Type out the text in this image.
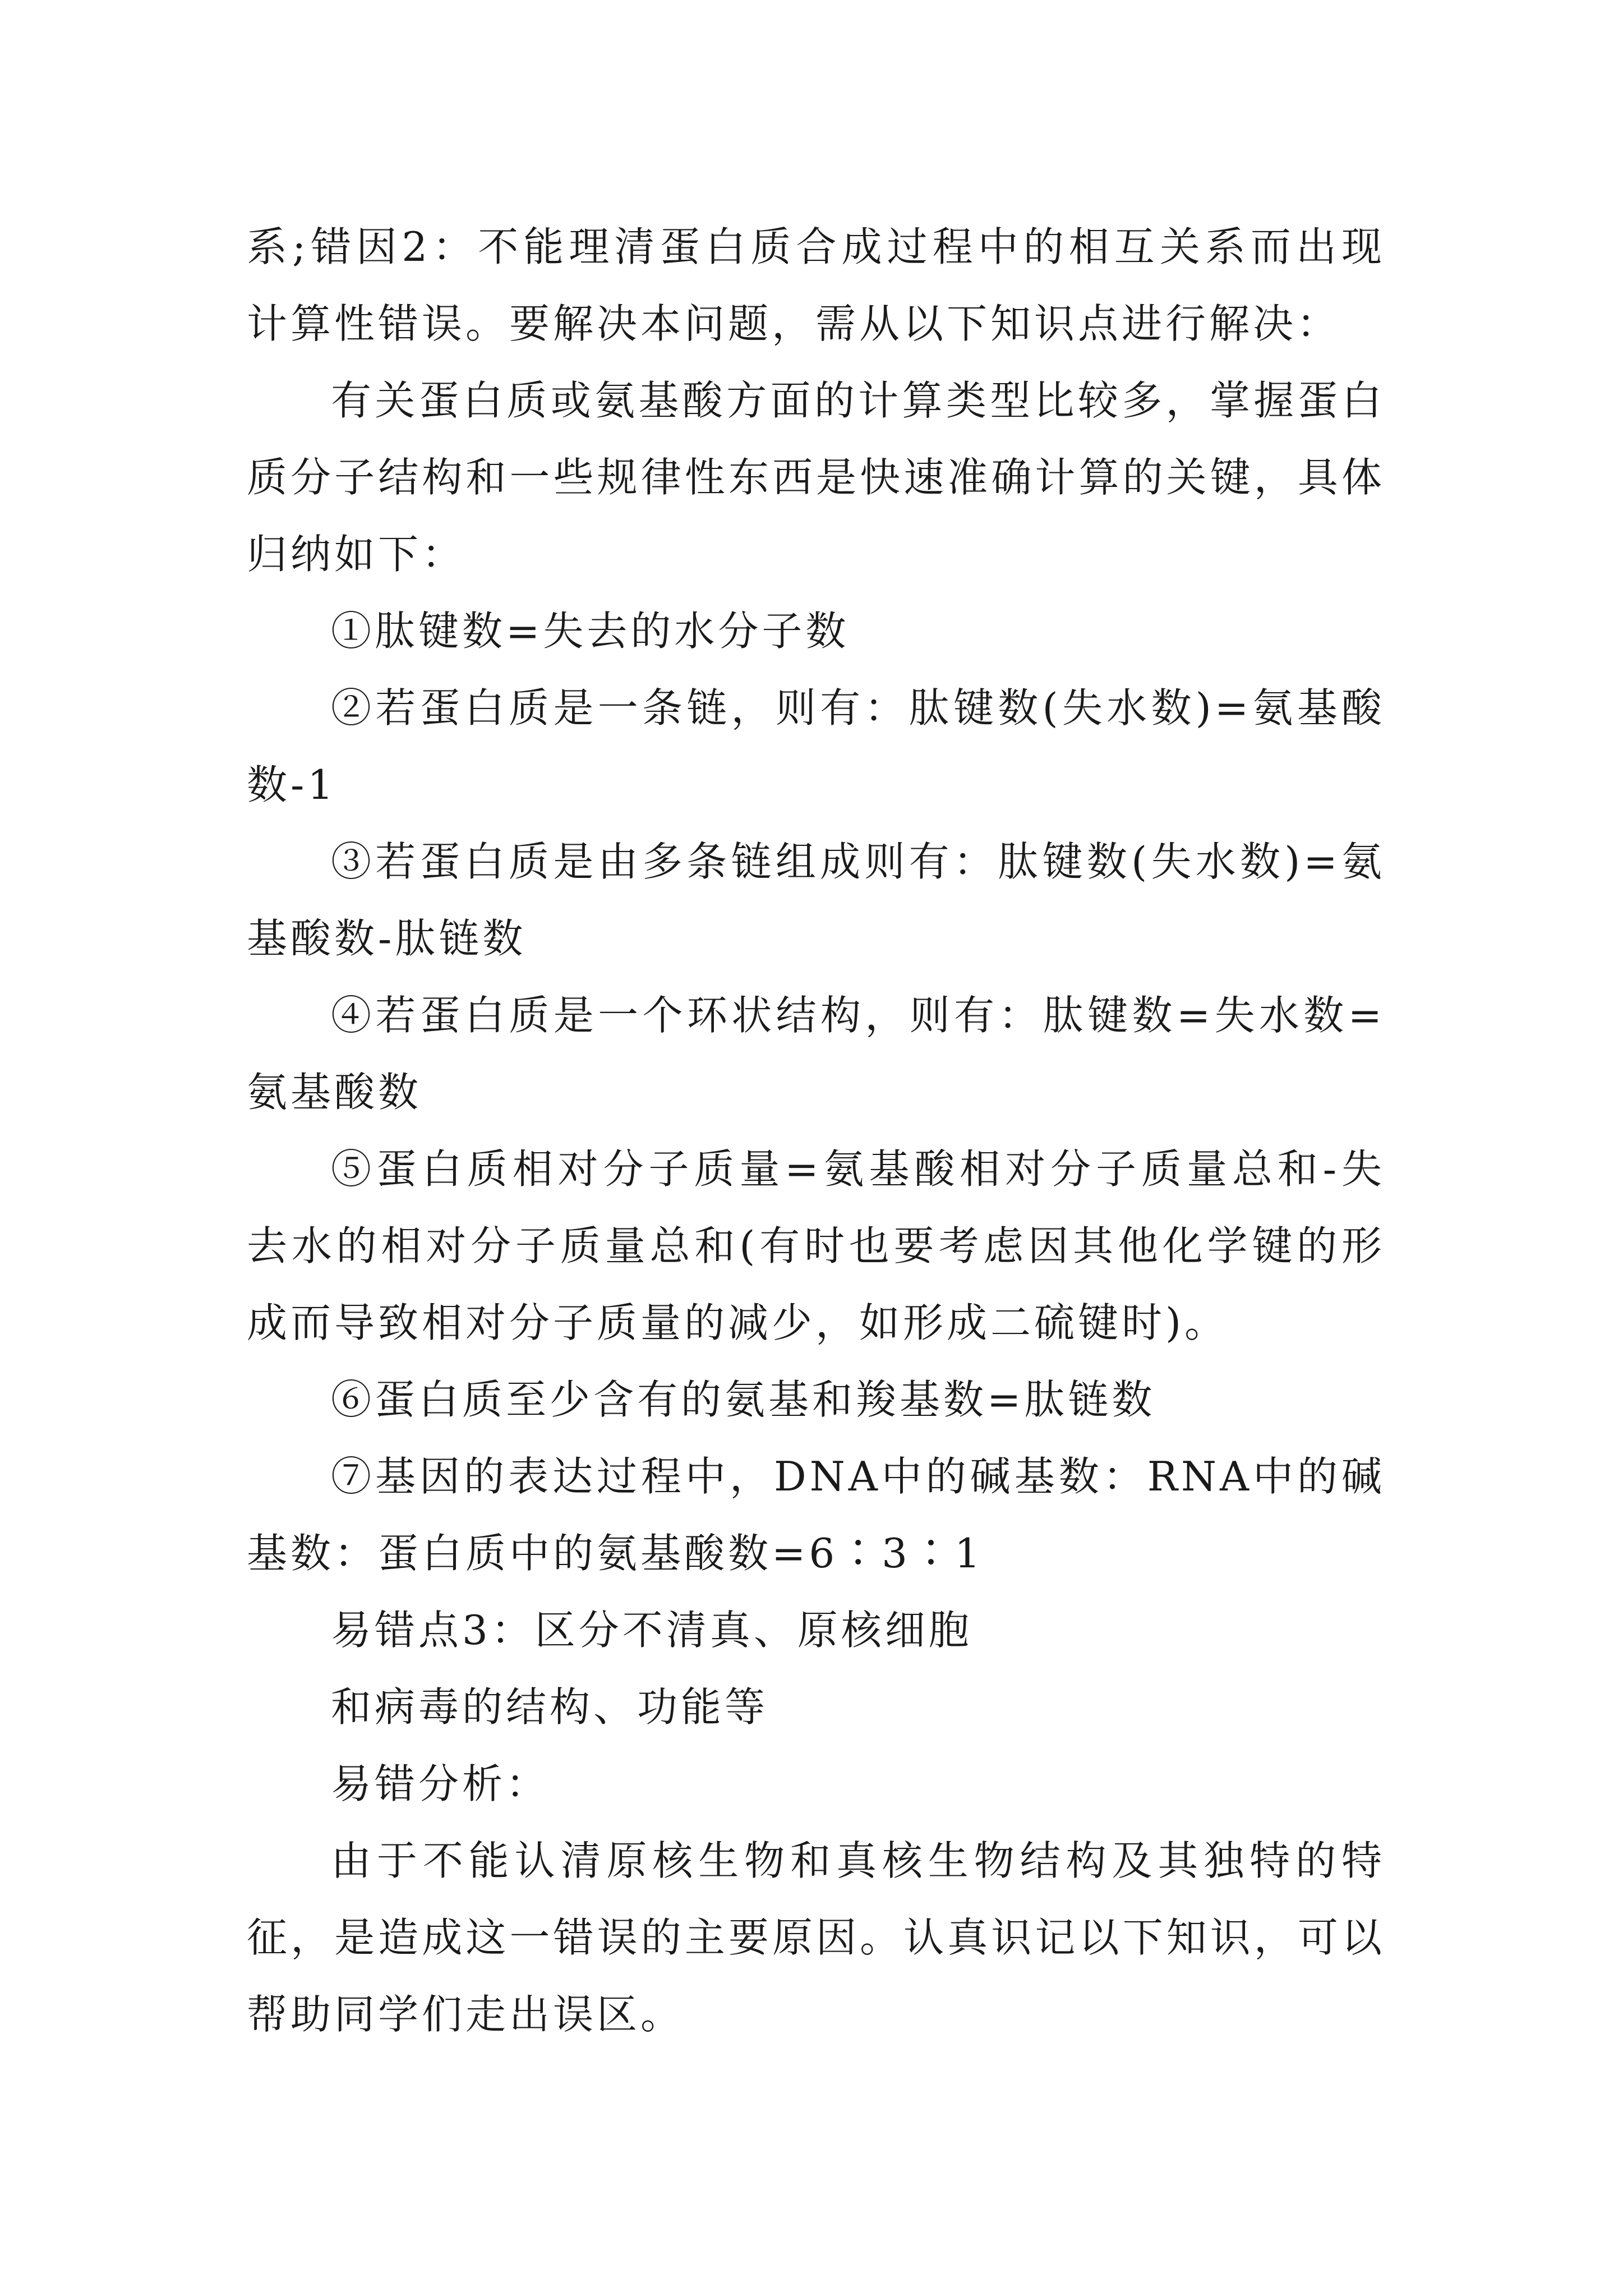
系;错因2：不能理清蛋白质合成过程中的相互关系而出现计算性错误。要解决本问题，需从以下知识点进行解决：

有关蛋白质或氨基酸方面的计算类型比较多，掌握蛋白质分子结构和一些规律性东西是快速准确计算的关键，具体归纳如下：

①肽键数=失去的水分子数

②若蛋白质是一条链，则有：肽键数(失水数)=氨基酸数-1

③若蛋白质是由多条链组成则有：肽键数(失水数)=氨基酸数-肽链数

④若蛋白质是一个环状结构，则有：肽键数=失水数=氨基酸数

⑤蛋白质相对分子质量=氨基酸相对分子质量总和-失去水的相对分子质量总和(有时也要考虑因其他化学键的形成而导致相对分子质量的减少，如形成二硫键时)。

⑥蛋白质至少含有的氨基和羧基数=肽链数

⑦基因的表达过程中，DNA中的碱基数：RNA中的碱基数：蛋白质中的氨基酸数=6∶3∶1

易错点3：区分不清真、原核细胞

和病毒的结构、功能等

易错分析：

由于不能认清原核生物和真核生物结构及其独特的特征，是造成这一错误的主要原因。认真识记以下知识，可以帮助同学们走出误区。
